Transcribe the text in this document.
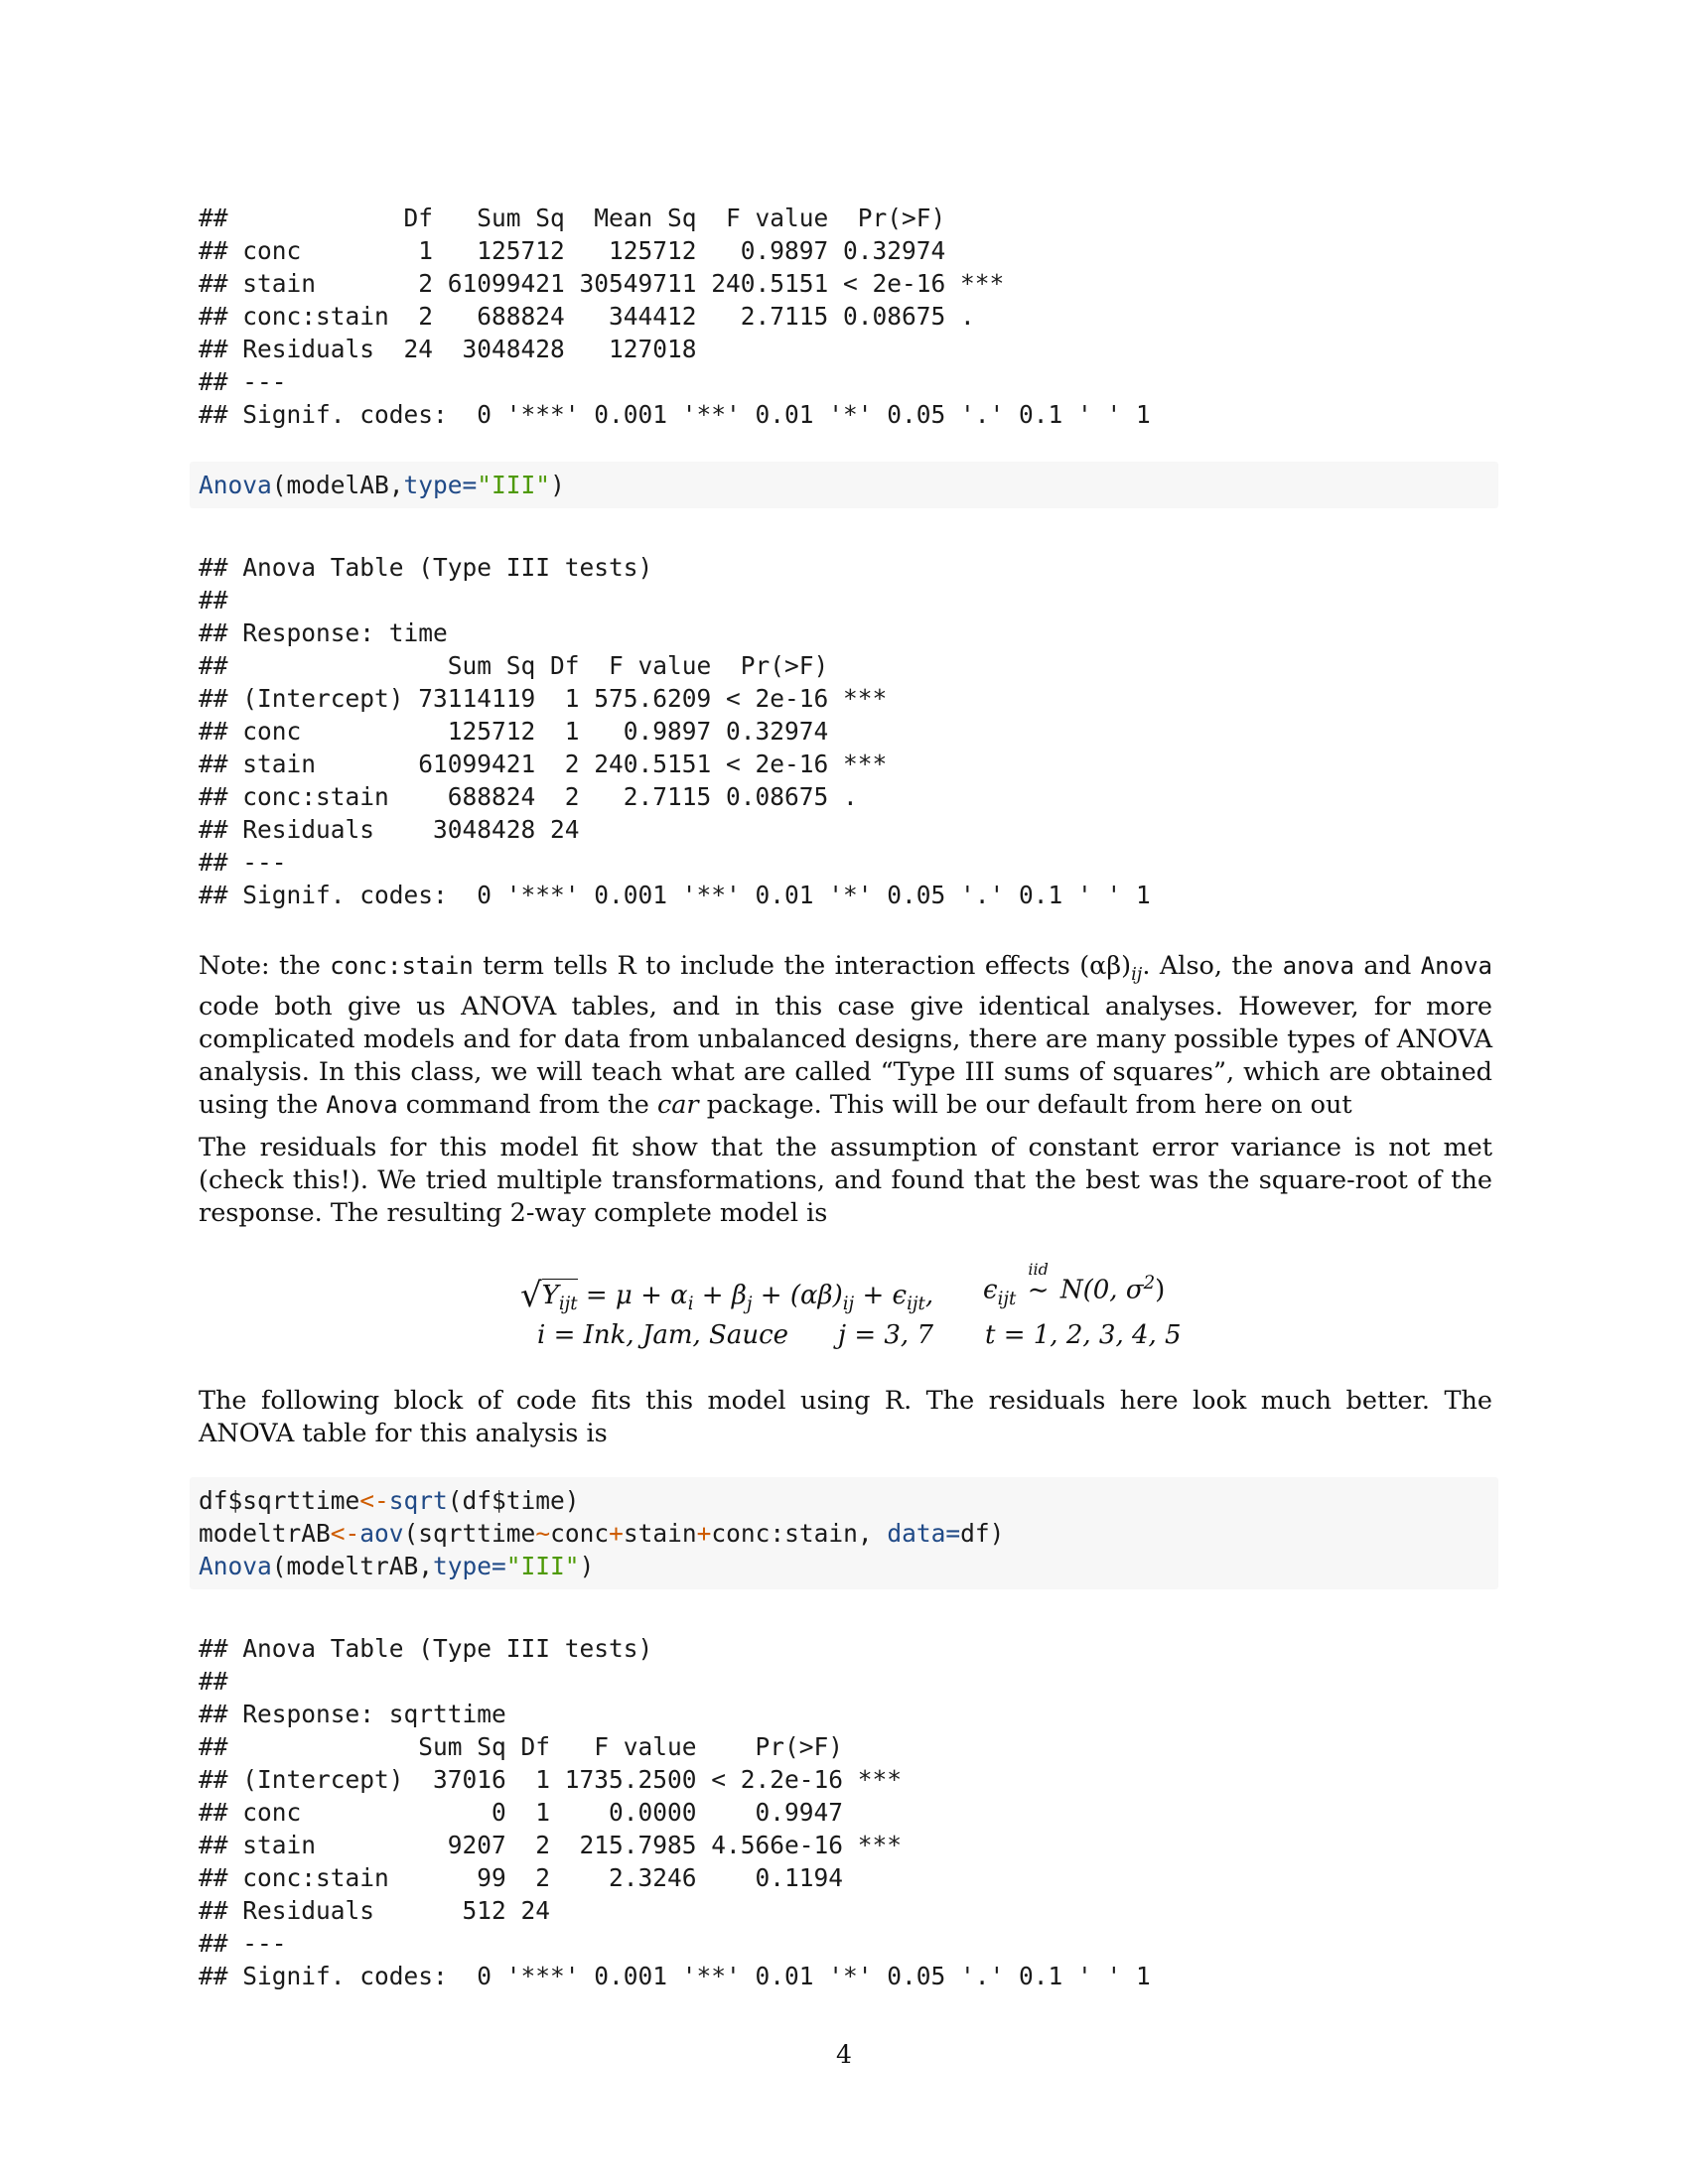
##            Df   Sum Sq  Mean Sq  F value  Pr(>F)
## conc        1   125712   125712   0.9897 0.32974
## stain       2 61099421 30549711 240.5151 < 2e-16 ***
## conc:stain  2   688824   344412   2.7115 0.08675 .
## Residuals  24  3048428   127018
## ---
## Signif. codes:  0 '***' 0.001 '**' 0.01 '*' 0.05 '.' 0.1 ' ' 1
Anova(modelAB,type="III")
## Anova Table (Type III tests)
##
## Response: time
##               Sum Sq Df  F value  Pr(>F)
## (Intercept) 73114119  1 575.6209 < 2e-16 ***
## conc          125712  1   0.9897 0.32974
## stain       61099421  2 240.5151 < 2e-16 ***
## conc:stain    688824  2   2.7115 0.08675 .
## Residuals    3048428 24
## ---
## Signif. codes:  0 '***' 0.001 '**' 0.01 '*' 0.05 '.' 0.1 ' ' 1

Note: the conc:stain term tells R to include the interaction effects $(\alpha\beta)_{ij}$. Also, the anova and Anova code both give us ANOVA tables, and in this case give identical analyses. However, for more complicated models and for data from unbalanced designs, there are many possible types of ANOVA analysis. In this class, we will teach what are called “Type III sums of squares”, which are obtained using the Anova command from the car package. This will be our default from here on out

The residuals for this model fit show that the assumption of constant error variance is not met (check this!). We tried multiple transformations, and found that the best was the square-root of the response. The resulting 2-way complete model is

$√Y_{ijt} = \mu + \alpha_i + \beta_j + (\alpha\beta)_{ij} + \epsilon_{ijt}$, $\epsilon_{ijt}$
iid
∼ N(0, $\sigma^2$)
i = Ink, Jam, Sauce j = 3, 7 t = 1, 2, 3, 4, 5

The following block of code fits this model using R. The residuals here look much better. The ANOVA table for this analysis is

df$sqrttime<-sqrt(df$time)
modeltrAB<-aov(sqrttime~conc+stain+conc:stain, data=df)
Anova(modeltrAB,type="III")
## Anova Table (Type III tests)
##
## Response: sqrttime
##             Sum Sq Df   F value    Pr(>F)
## (Intercept)  37016  1 1735.2500 < 2.2e-16 ***
## conc             0  1    0.0000    0.9947
## stain         9207  2  215.7985 4.566e-16 ***
## conc:stain      99  2    2.3246    0.1194
## Residuals      512 24
## ---
## Signif. codes:  0 '***' 0.001 '**' 0.01 '*' 0.05 '.' 0.1 ' ' 1
4
